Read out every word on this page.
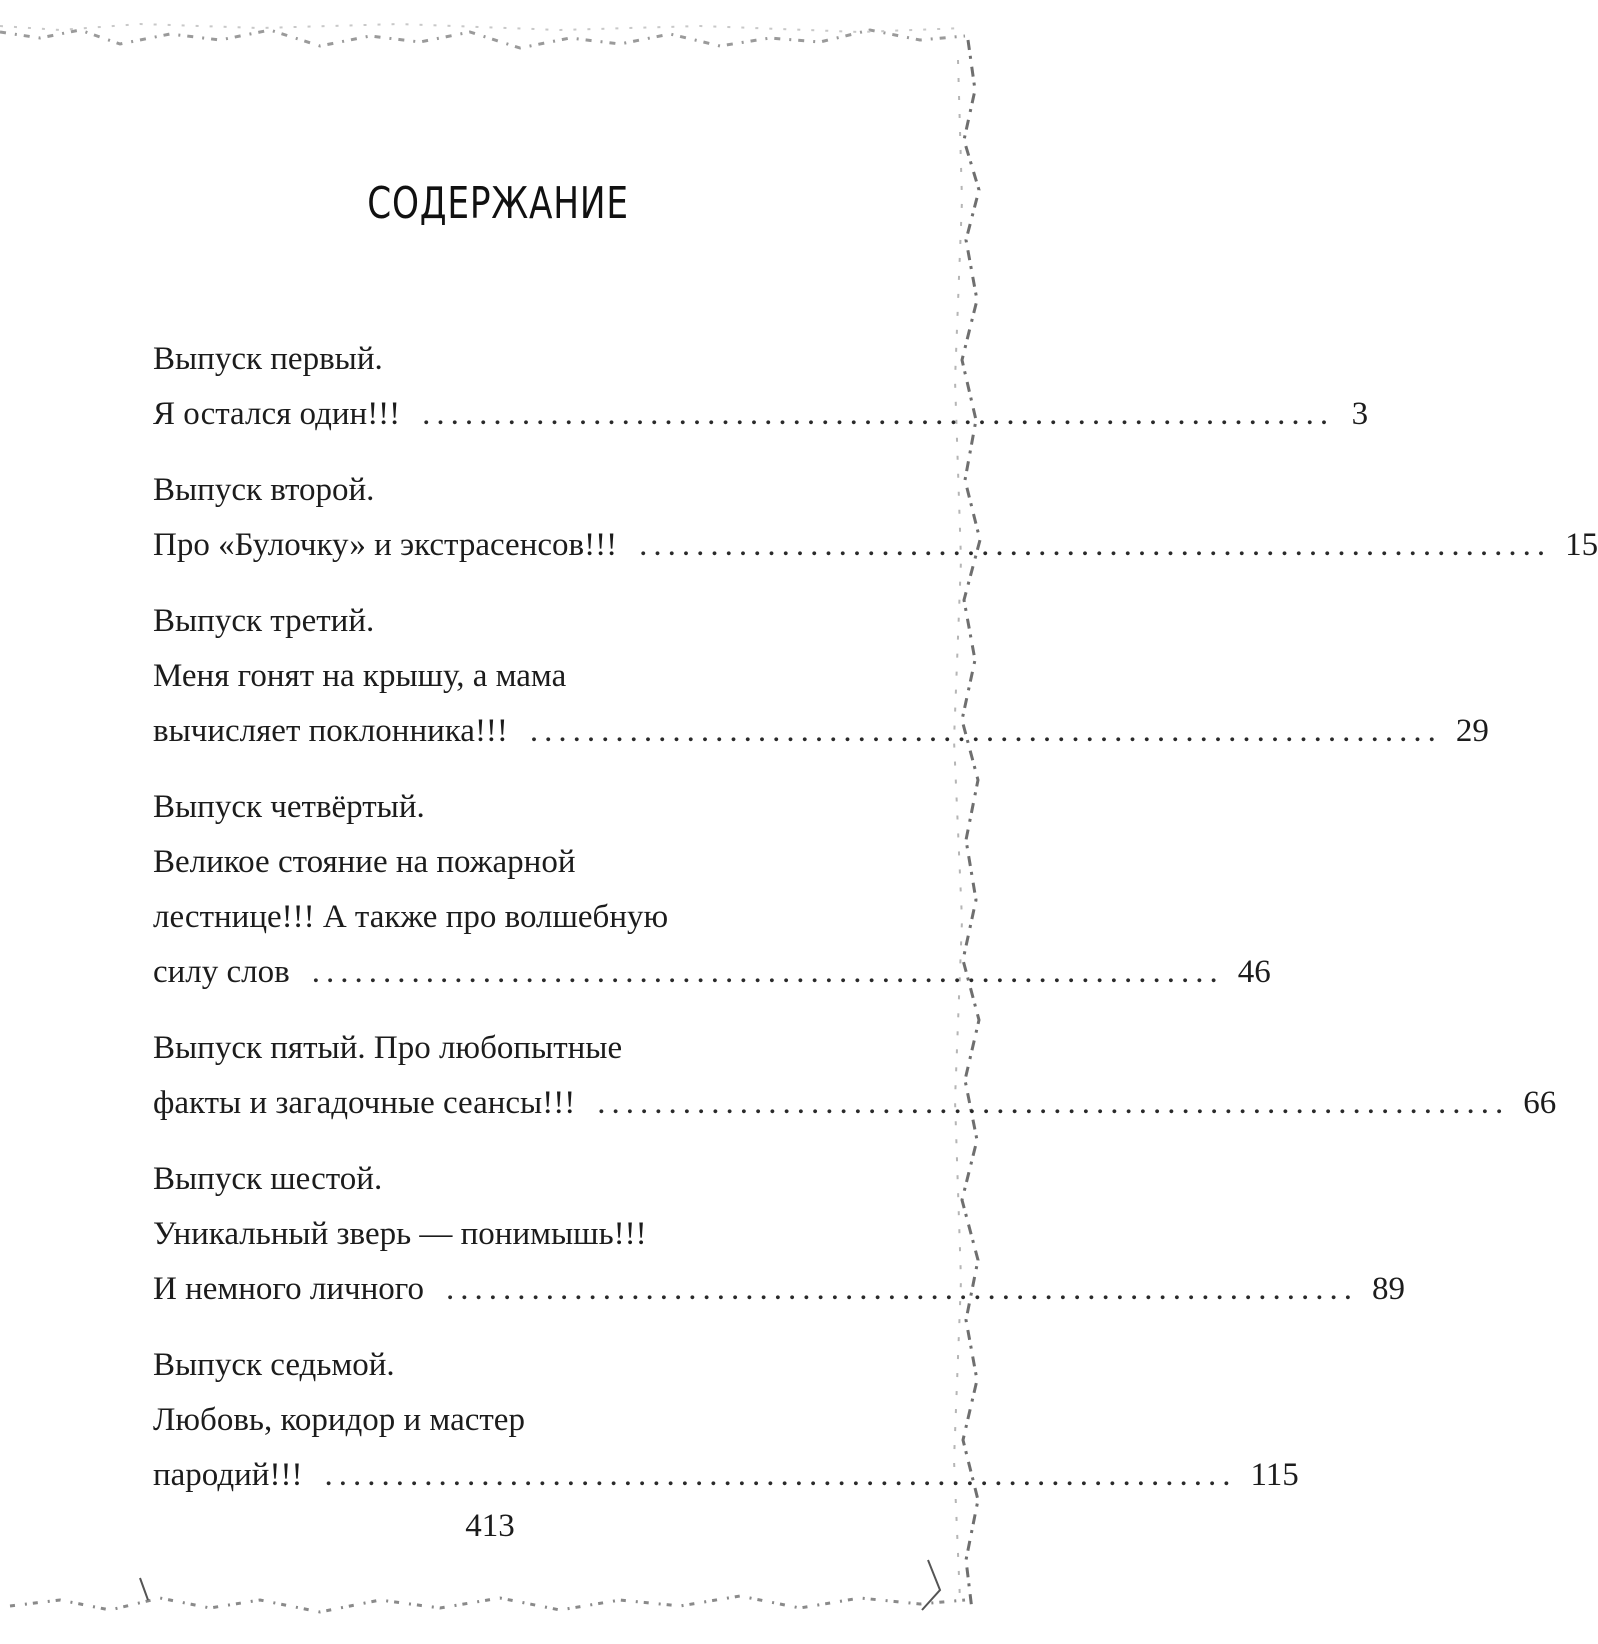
СОДЕРЖАНИЕ
Выпуск первый.
Я остался один!!! ................................................................ 3
Выпуск второй.
Про «Булочку» и экстрасенсов!!! ................................................................ 15
Выпуск третий.
Меня гонят на крышу, а мама
вычисляет поклонника!!! ................................................................ 29
Выпуск четвёртый.
Великое стояние на пожарной
лестнице!!! А также про волшебную
силу слов ................................................................ 46
Выпуск пятый. Про любопытные
факты и загадочные сеансы!!! ................................................................ 66
Выпуск шестой.
Уникальный зверь — понимышь!!!
И немного личного ................................................................ 89
Выпуск седьмой.
Любовь, коридор и мастер
пародий!!! ................................................................ 115
413
